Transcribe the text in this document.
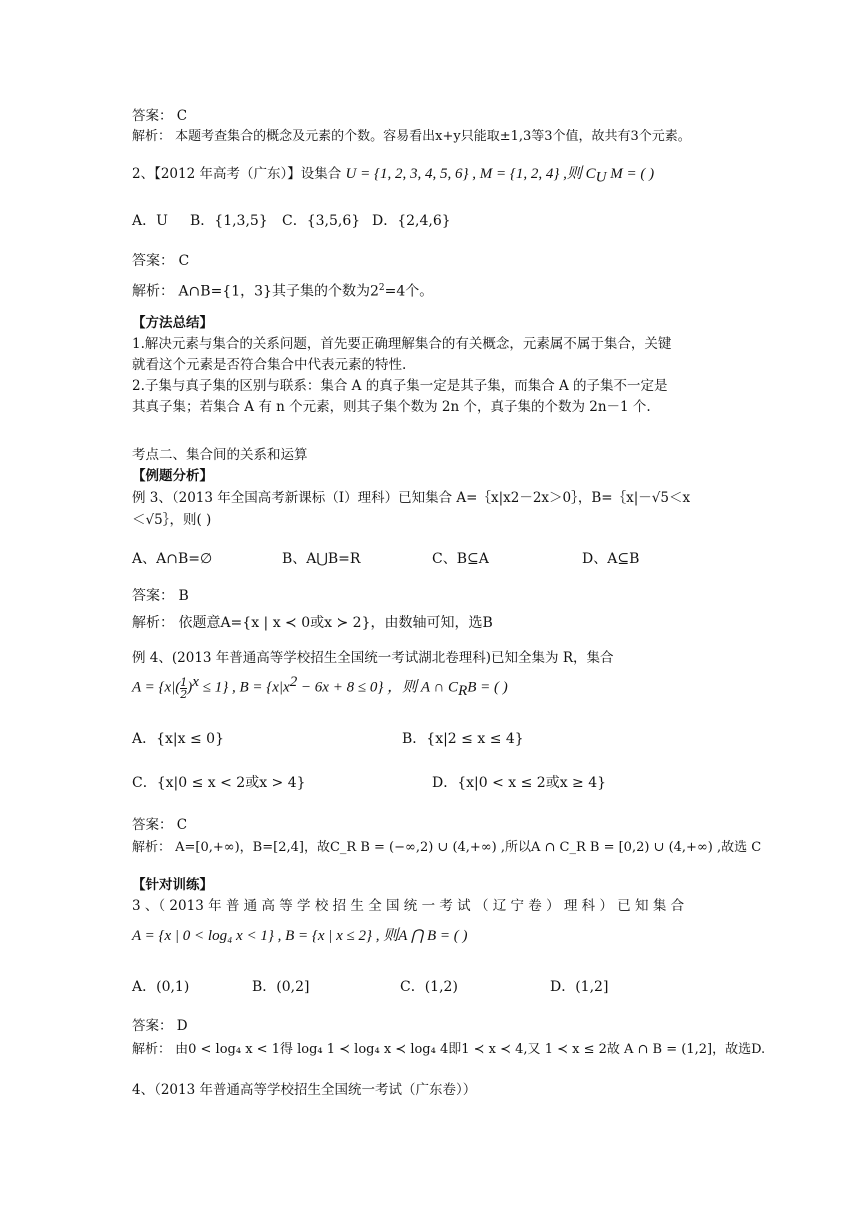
答案： C
解析： 本题考查集合的概念及元素的个数。容易看出x+y只能取±1,3等3个值，故共有3个元素。
2、【2012 年高考（广东）】设集合 U = {1, 2, 3, 4, 5, 6} , M = {1, 2, 4} ,则 $C_U$ M = ( )
A．U B．{1,3,5} C．{3,5,6} D．{2,4,6}
答案： C
解析： A∩B={1，3}其子集的个数为$2^2=4$个。
【方法总结】
1.解决元素与集合的关系问题，首先要正确理解集合的有关概念，元素属不属于集合，关键
就看这个元素是否符合集合中代表元素的特性.
2.子集与真子集的区别与联系：集合 A 的真子集一定是其子集，而集合 A 的子集不一定是
其真子集；若集合 A 有 n 个元素，则其子集个数为 2n 个，真子集的个数为 2n－1 个.
考点二、集合间的关系和运算
【例题分析】
例 3、（2013 年全国高考新课标（I）理科）已知集合 A=｛x|x2－2x＞0｝，B=｛x|－√5＜x
＜√5｝，则( )
A、A∩B=∅	B、A⋃B=R	C、B⊆A	D、A⊆B
答案： B
解析： 依题意A={x | x ≺ 0或x ≻ 2}，由数轴可知，选B
例 4、(2013 年普通高等学校招生全国统一考试湖北卷理科)已知全集为 R，集合
$A = \{x|( \frac{1}{2} )^x \le 1\}$ , $B = \{x|x^2 - 6x + 8 \le 0\}$ ，则 A ∩ $C_RB$ = ( )
A．{x|x ≤ 0}	B．{x|2 ≤ x ≤ 4}
C．{x|0 ≤ x < 2或x > 4}	D．{x|0 < x ≤ 2或x ≥ 4}
答案： C
解析： A=[0,+∞)，B=[2,4]，故C_R B = (−∞,2) ∪ (4,+∞) ,所以A ∩ C_R B = [0,2) ∪ (4,+∞) ,故选 C
【针对训练】
3 、（ 2013 年 普 通 高 等 学 校 招 生 全 国 统 一 考 试 （ 辽 宁 卷 ） 理 科 ） 已 知 集 合
A = {x | 0 < log₄ x < 1} , B = {x | x ≤ 2} , 则A ⋂ B = ( )
A．(0,1)	B．(0,2]	C．(1,2)	D．(1,2]
答案： D
解析： 由0 < log₄ x < 1得 log₄ 1 ≺ log₄ x ≺ log₄ 4即1 ≺ x ≺ 4,又 1 ≺ x ≤ 2故 A ∩ B = (1,2]，故选D.
4、（2013 年普通高等学校招生全国统一考试（广东卷））
